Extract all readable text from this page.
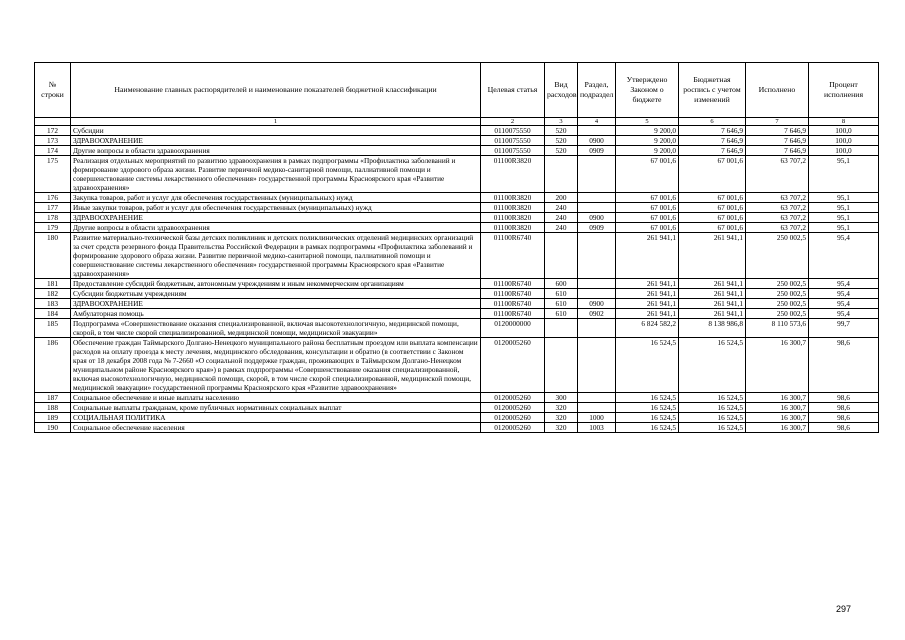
№ строки	Наименование главных распорядителей и наименование показателей бюджетной классификации	Целевая статья	Вид расходов	Раздел, подраздел	Утверждено Законом о бюджете	Бюджетная роспись с учетом изменений	Исполнено	Процент исполнения
	1	2	3	4	5	6	7	8
172	Субсидии	0110075550	520		9 200,0	7 646,9	7 646,9	100,0
173	ЗДРАВООХРАНЕНИЕ	0110075550	520	0900	9 200,0	7 646,9	7 646,9	100,0
174	Другие вопросы в области здравоохранения	0110075550	520	0909	9 200,0	7 646,9	7 646,9	100,0
175	Реализация отдельных мероприятий по развитию здравоохранения в рамках подпрограммы «Профилактика заболеваний и формирование здорового образа жизни. Развитие первичной медико-санитарной помощи, паллиативной помощи и совершенствование системы лекарственного обеспечения» государственной программы Красноярского края «Развитие здравоохранения»	01100R3820			67 001,6	67 001,6	63 707,2	95,1
176	Закупка товаров, работ и услуг для обеспечения государственных (муниципальных) нужд	01100R3820	200		67 001,6	67 001,6	63 707,2	95,1
177	Иные закупки товаров, работ и услуг для обеспечения государственных (муниципальных) нужд	01100R3820	240		67 001,6	67 001,6	63 707,2	95,1
178	ЗДРАВООХРАНЕНИЕ	01100R3820	240	0900	67 001,6	67 001,6	63 707,2	95,1
179	Другие вопросы в области здравоохранения	01100R3820	240	0909	67 001,6	67 001,6	63 707,2	95,1
180	Развитие материально-технической базы детских поликлиник и детских поликлинических отделений медицинских организаций за счет средств резервного фонда Правительства Российской Федерации в рамках подпрограммы «Профилактика заболеваний и формирование здорового образа жизни. Развитие первичной медико-санитарной помощи, паллиативной помощи и совершенствование системы лекарственного обеспечения» государственной программы Красноярского края «Развитие здравоохранения»	01100R6740			261 941,1	261 941,1	250 002,5	95,4
181	Предоставление субсидий бюджетным, автономным учреждениям и иным некоммерческим организациям	01100R6740	600		261 941,1	261 941,1	250 002,5	95,4
182	Субсидии бюджетным учреждениям	01100R6740	610		261 941,1	261 941,1	250 002,5	95,4
183	ЗДРАВООХРАНЕНИЕ	01100R6740	610	0900	261 941,1	261 941,1	250 002,5	95,4
184	Амбулаторная помощь	01100R6740	610	0902	261 941,1	261 941,1	250 002,5	95,4
185	Подпрограмма «Совершенствование оказания специализированной, включая высокотехнологичную, медицинской помощи, скорой, в том числе скорой специализированной, медицинской помощи, медицинской эвакуации»	0120000000			6 824 582,2	8 138 986,8	8 110 573,6	99,7
186	Обеспечение граждан Таймырского Долгано-Ненецкого муниципального района бесплатным проездом или выплата компенсации расходов на оплату проезда к месту лечения, медицинского обследования, консультации и обратно (в соответствии с Законом края от 18 декабря 2008 года № 7-2660 «О социальной поддержке граждан, проживающих в Таймырском Долгано-Ненецком муниципальном районе Красноярского края») в рамках подпрограммы «Совершенствование оказания специализированной, включая высокотехнологичную, медицинской помощи, скорой, в том числе скорой специализированной, медицинской помощи, медицинской эвакуации» государственной программы Красноярского края «Развитие здравоохранения»	0120005260			16 524,5	16 524,5	16 300,7	98,6
187	Социальное обеспечение и иные выплаты населению	0120005260	300		16 524,5	16 524,5	16 300,7	98,6
188	Социальные выплаты гражданам, кроме публичных нормативных социальных выплат	0120005260	320		16 524,5	16 524,5	16 300,7	98,6
189	СОЦИАЛЬНАЯ ПОЛИТИКА	0120005260	320	1000	16 524,5	16 524,5	16 300,7	98,6
190	Социальное обеспечение населения	0120005260	320	1003	16 524,5	16 524,5	16 300,7	98,6
297
